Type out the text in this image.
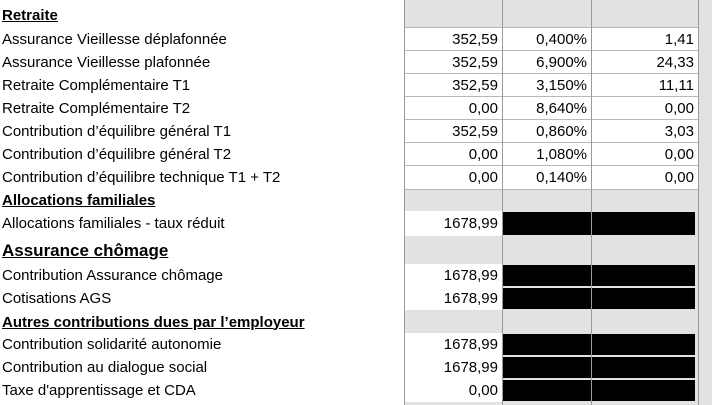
Retraite
Assurance Vieillesse déplafonnée	352,59	0,400%	1,41
Assurance Vieillesse plafonnée	352,59	6,900%	24,33
Retraite Complémentaire T1	352,59	3,150%	11,11
Retraite Complémentaire T2	0,00	8,640%	0,00
Contribution d’équilibre général T1	352,59	0,860%	3,03
Contribution d’équilibre général T2	0,00	1,080%	0,00
Contribution d’équilibre technique T1 + T2	0,00	0,140%	0,00
Allocations familiales
Allocations familiales - taux réduit	1678,99
Assurance chômage
Contribution Assurance chômage	1678,99
Cotisations AGS	1678,99
Autres contributions dues par l’employeur
Contribution solidarité autonomie	1678,99
Contribution au dialogue social	1678,99
Taxe d'apprentissage et CDA	0,00
